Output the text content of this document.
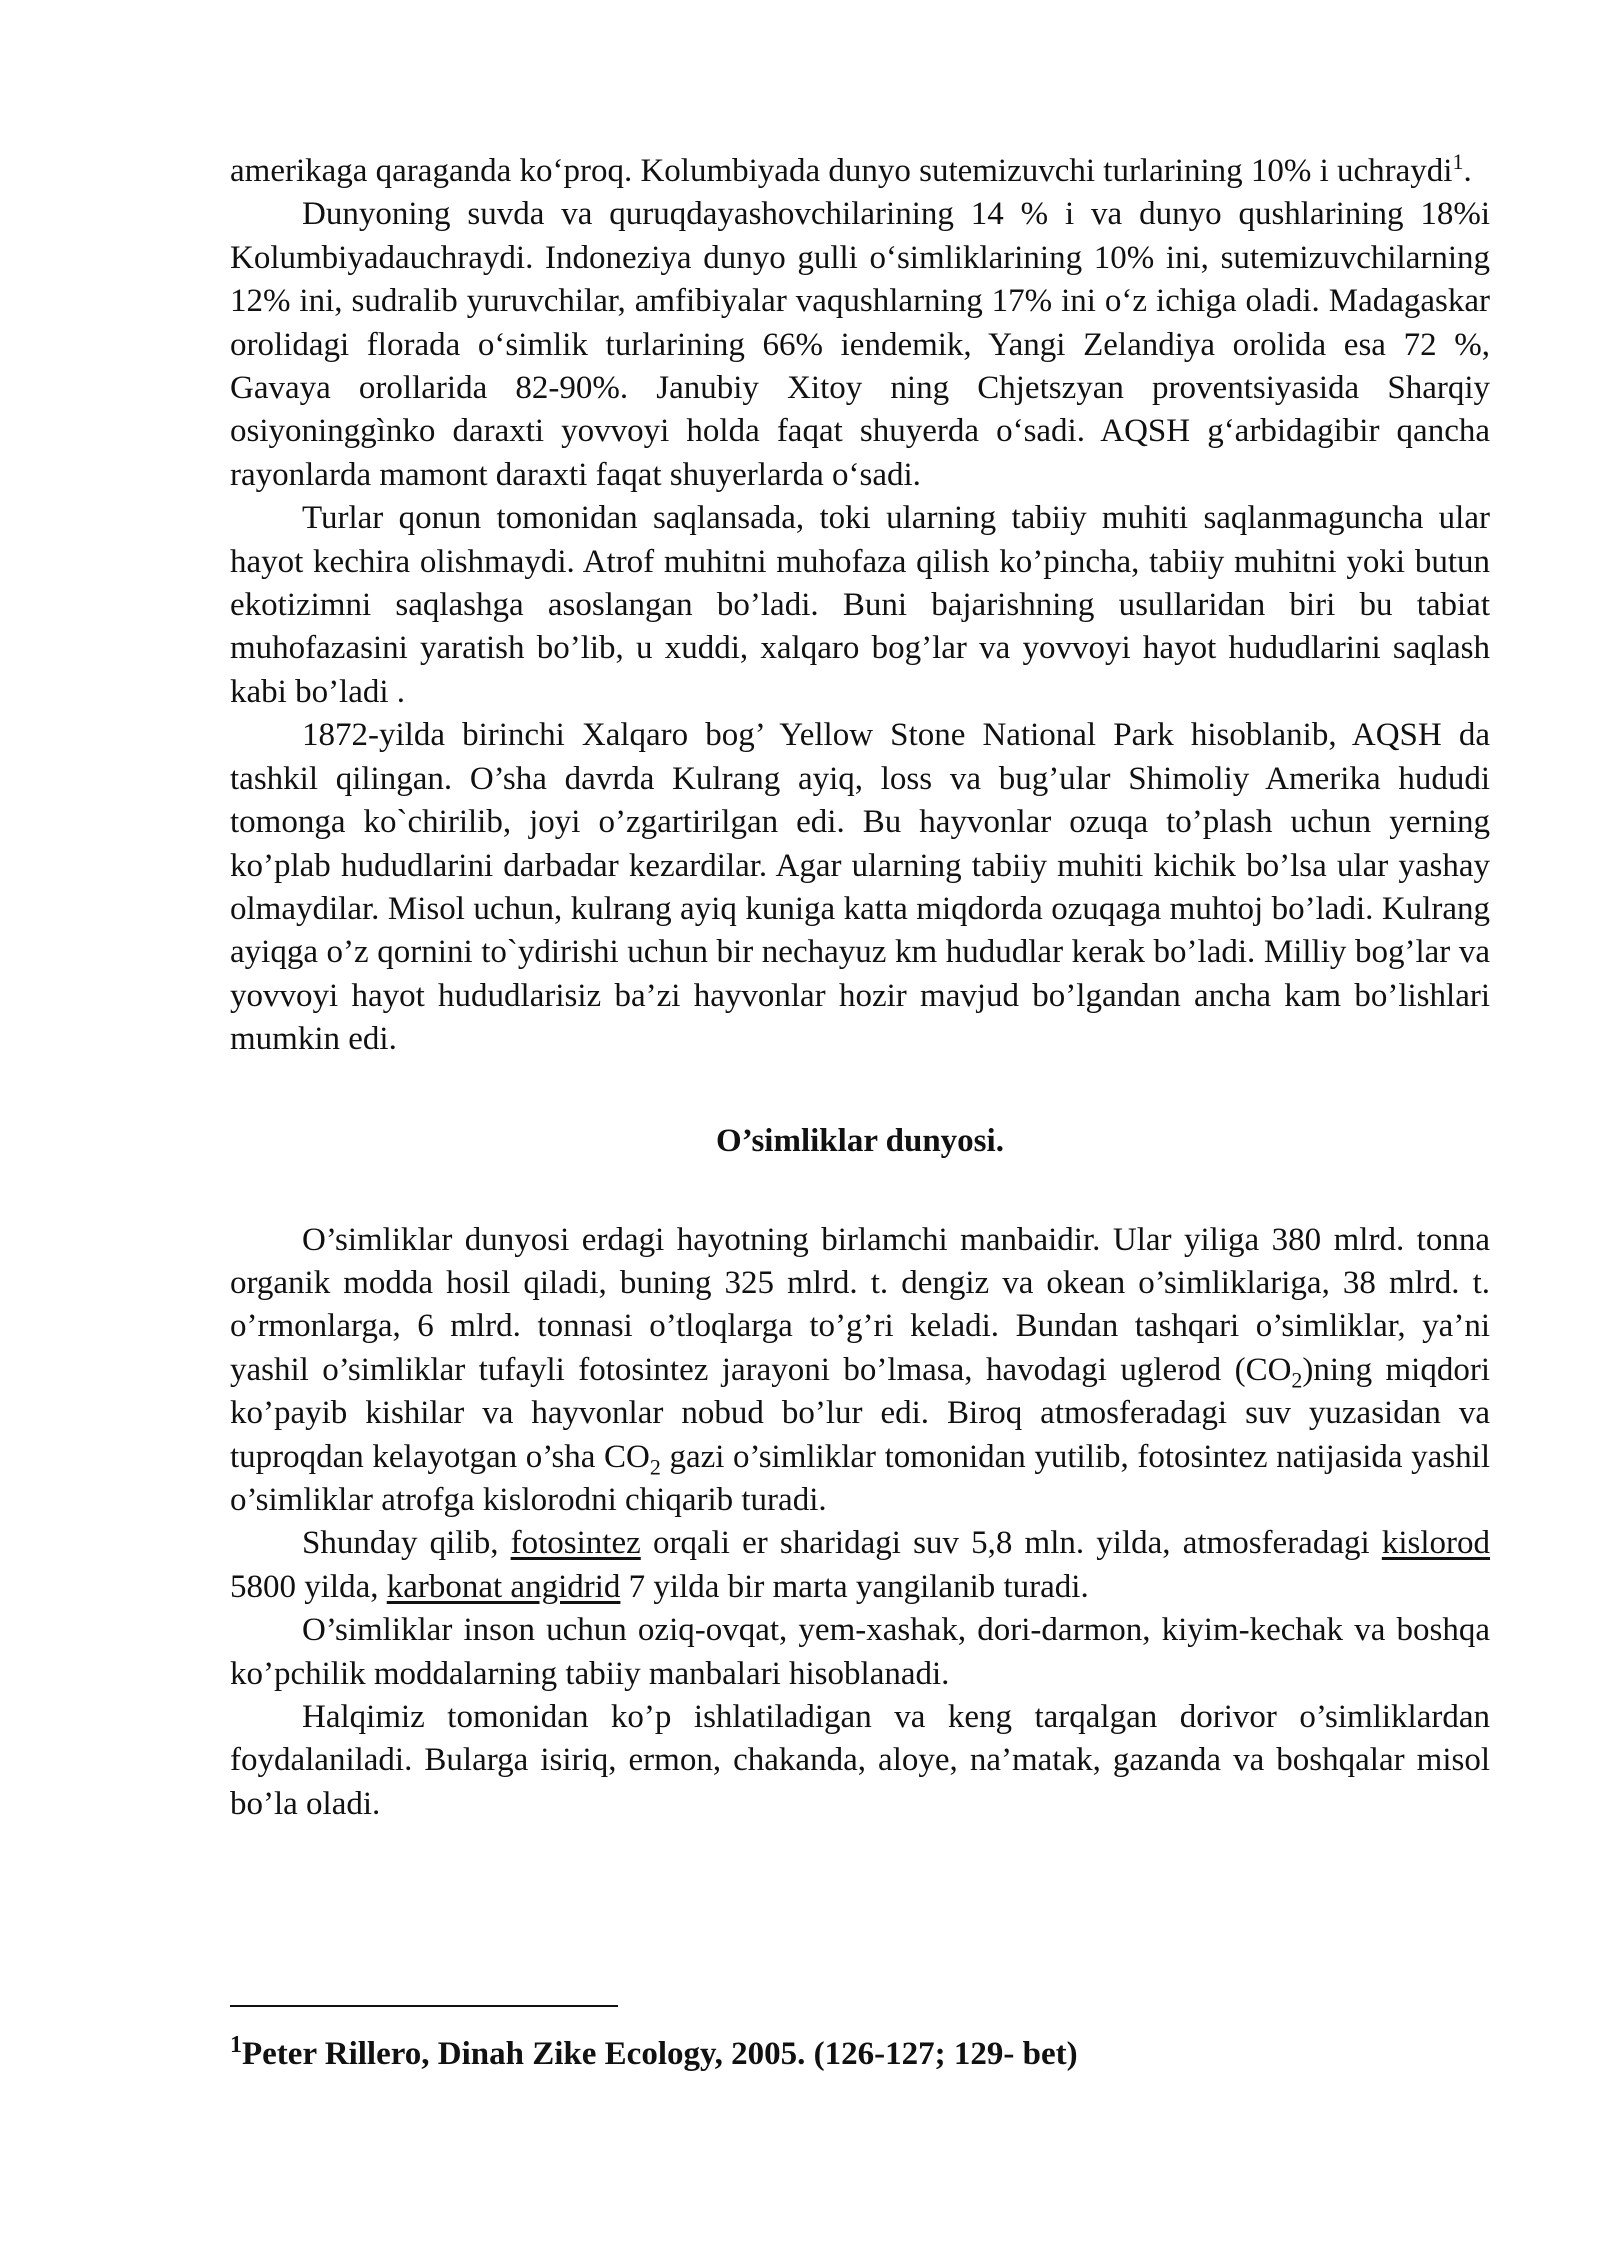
amerikaga qaraganda ko‘proq. Kolumbiyada dunyo sutemizuvchi turlarining 10% i uchraydi$^1$.

Dunyoning suvda va quruqdayashovchilarining 14 % i va dunyo qushlarining 18%i Kolumbiyadauchraydi. Indoneziya dunyo gulli o‘simliklarining 10% ini, sutemizuvchilarning 12% ini, sudralib yuruvchilar, amfibiyalar vaqushlarning 17% ini o‘z ichiga oladi. Madagaskar orolidagi florada o‘simlik turlarining 66% iendemik, Yangi Zelandiya orolida esa 72 %, Gavaya orollarida 82-90%. Janubiy Xitoy ning Chjetszyan proventsiyasida Sharqiy osiyoninggìnko daraxti yovvoyi holda faqat shuyerda o‘sadi. AQSH g‘arbidagibir qancha rayonlarda mamont daraxti faqat shuyerlarda o‘sadi.

Turlar qonun tomonidan saqlansada, toki ularning tabiiy muhiti saqlanmaguncha ular hayot kechira olishmaydi. Atrof muhitni muhofaza qilish ko’pincha, tabiiy muhitni yoki butun ekotizimni saqlashga asoslangan bo’ladi. Buni bajarishning usullaridan biri bu tabiat muhofazasini yaratish bo’lib, u xuddi, xalqaro bog’lar va yovvoyi hayot hududlarini saqlash kabi bo’ladi .

1872-yilda birinchi Xalqaro bog’ Yellow Stone National Park hisoblanib, AQSH da tashkil qilingan. O’sha davrda Kulrang ayiq, loss va bug’ular Shimoliy Amerika hududi tomonga ko`chirilib, joyi o’zgartirilgan edi. Bu hayvonlar ozuqa to’plash uchun yerning ko’plab hududlarini darbadar kezardilar. Agar ularning tabiiy muhiti kichik bo’lsa ular yashay olmaydilar. Misol uchun, kulrang ayiq kuniga katta miqdorda ozuqaga muhtoj bo’ladi. Kulrang ayiqga o’z qornini to`ydirishi uchun bir nechayuz km hududlar kerak bo’ladi. Milliy bog’lar va yovvoyi hayot hududlarisiz ba’zi hayvonlar hozir mavjud bo’lgandan ancha kam bo’lishlari mumkin edi.

O’simliklar dunyosi.

O’simliklar dunyosi erdagi hayotning birlamchi manbaidir. Ular yiliga 380 mlrd. tonna organik modda hosil qiladi, buning 325 mlrd. t. dengiz va okean o’simliklariga, 38 mlrd. t. o’rmonlarga, 6 mlrd. tonnasi o’tloqlarga to’g’ri keladi. Bundan tashqari o’simliklar, ya’ni yashil o’simliklar tufayli fotosintez jarayoni bo’lmasa, havodagi uglerod $(CO_2)ning$ miqdori ko’payib kishilar va hayvonlar nobud bo’lur edi. Biroq atmosferadagi suv yuzasidan va tuproqdan kelayotgan o’sha $CO_2$ gazi o’simliklar tomonidan yutilib, fotosintez natijasida yashil o’simliklar atrofga kislorodni chiqarib turadi.

Shunday qilib, fotosintez orqali er sharidagi suv 5,8 mln. yilda, atmosferadagi kislorod 5800 yilda, karbonat angidrid 7 yilda bir marta yangilanib turadi.

O’simliklar inson uchun oziq-ovqat, yem-xashak, dori-darmon, kiyim-kechak va boshqa ko’pchilik moddalarning tabiiy manbalari hisoblanadi.

Halqimiz tomonidan ko’p ishlatiladigan va keng tarqalgan dorivor o’simliklardan foydalaniladi. Bularga isiriq, ermon, chakanda, aloye, na’matak, gazanda va boshqalar misol bo’la oladi.

$^1$Peter Rillero, Dinah Zike Ecology, 2005. (126-127; 129- bet)
